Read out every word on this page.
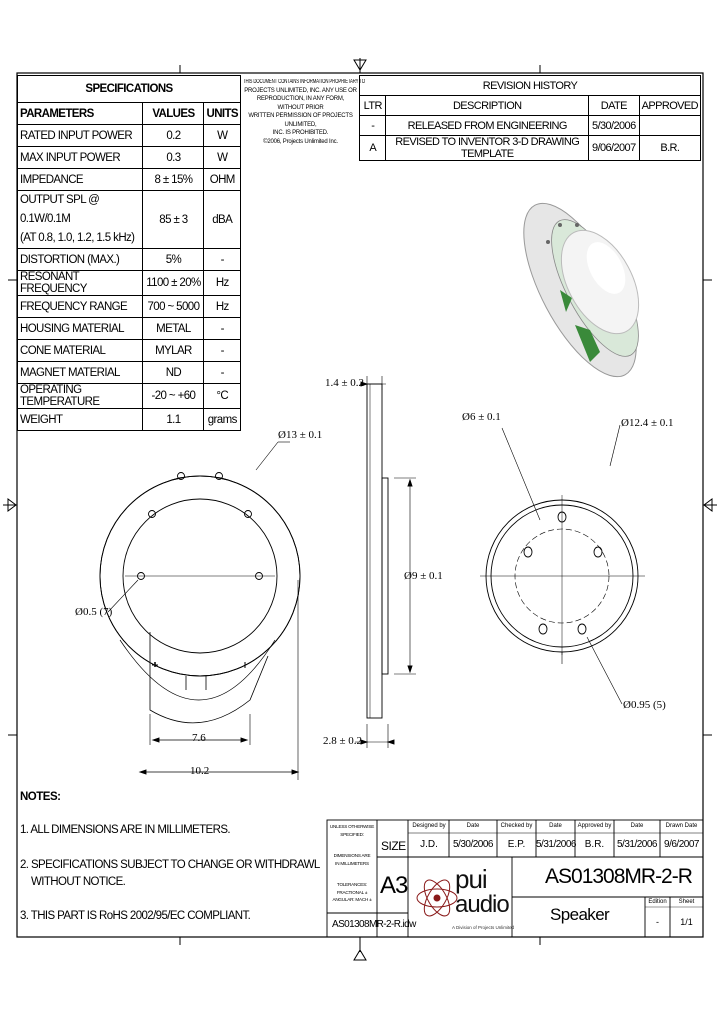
SPECIFICATIONS		
PARAMETERS	VALUES	UNITS
RATED INPUT POWER	0.2	W
MAX INPUT POWER	0.3	W
IMPEDANCE	8 ± 15%	OHM
OUTPUT SPL @ 0.1W/0.1M
(AT 0.8, 1.0, 1.2, 1.5 kHz)	85 ± 3	dBA
DISTORTION (MAX.)	5%	-
RESONANT FREQUENCY	1100 ± 20%	Hz
FREQUENCY RANGE	700 ~ 5000	Hz
HOUSING MATERIAL	METAL	-
CONE MATERIAL	MYLAR	-
MAGNET MATERIAL	ND	-
OPERATING TEMPERATURE	-20 ~ +60	°C
WEIGHT	1.1	grams
THIS DOCUMENT CONTAINS INFORMATION PROPRIETARY TO
PROJECTS UNLIMITED, INC. ANY USE OR
REPRODUCTION, IN ANY FORM, WITHOUT PRIOR
WRITTEN PERMISSION OF PROJECTS UNLIMITED,
INC. IS PROHIBITED.
©2006, Projects Unlimited Inc.
REVISION HISTORY			
LTR	DESCRIPTION	DATE	APPROVED
-	RELEASED FROM ENGINEERING	5/30/2006	
A	REVISED TO INVENTOR 3-D DRAWING TEMPLATE	9/06/2007	B.R.
Ø13 ± 0.1
Ø0.5 (7)
7.6
10.2
1.4 ± 0.2
Ø9 ± 0.1
2.8 ± 0.2
Ø6 ± 0.1	Ø12.4 ± 0.1
Ø0.95 (5)
NOTES:
1. ALL DIMENSIONS ARE IN MILLIMETERS.
2. SPECIFICATIONS SUBJECT TO CHANGE OR WITHDRAWL
WITHOUT NOTICE.
3. THIS PART IS RoHS 2002/95/EC COMPLIANT.
UNLESS OTHERWISE
SPECIFIED:
DIMENSIONS ARE
IN MILLIMETERS
TOLERANCES:
FRACTIONAL ±
ANGULAR: MACH ±
SIZE
A3
AS01308MR-2-R.idw
Designed by
J.D.
Date
5/30/2006
Checked by
E.P.
Date
5/31/2006
Approved by
B.R.
Date
5/31/2006
Drawn Date
9/6/2007
pui
audio
A Division of Projects Unlimited
AS01308MR-2-R
Speaker
Edition
-
Sheet
1/1
